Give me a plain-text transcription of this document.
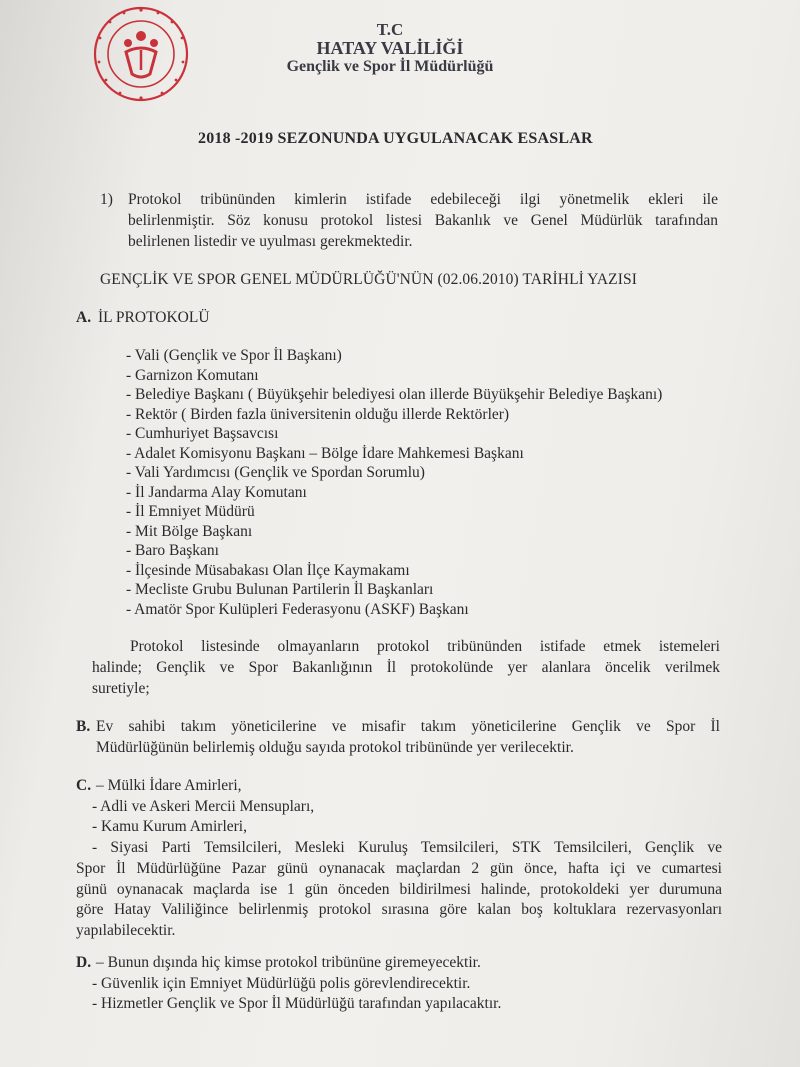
T.C
HATAY VALİLİĞİ
Gençlik ve Spor İl Müdürlüğü
2018 -2019 SEZONUNDA UYGULANACAK ESASLAR
1) Protokol tribününden kimlerin istifade edebileceği ilgi yönetmelik ekleri ile
belirlenmiştir. Söz konusu protokol listesi Bakanlık ve Genel Müdürlük tarafından
belirlenen listedir ve uyulması gerekmektedir.
GENÇLİK VE SPOR GENEL MÜDÜRLÜĞÜ'NÜN (02.06.2010) TARİHLİ YAZISI
A. İL PROTOKOLÜ
- Vali (Gençlik ve Spor İl Başkanı)
- Garnizon Komutanı
- Belediye Başkanı ( Büyükşehir belediyesi olan illerde Büyükşehir Belediye Başkanı)
- Rektör ( Birden fazla üniversitenin olduğu illerde Rektörler)
- Cumhuriyet Başsavcısı
- Adalet Komisyonu Başkanı – Bölge İdare Mahkemesi Başkanı
- Vali Yardımcısı (Gençlik ve Spordan Sorumlu)
- İl Jandarma Alay Komutanı
- İl Emniyet Müdürü
- Mit Bölge Başkanı
- Baro Başkanı
- İlçesinde Müsabakası Olan İlçe Kaymakamı
- Mecliste Grubu Bulunan Partilerin İl Başkanları
- Amatör Spor Kulüpleri Federasyonu (ASKF) Başkanı
Protokol listesinde olmayanların protokol tribününden istifade etmek istemeleri
halinde; Gençlik ve Spor Bakanlığının İl protokolünde yer alanlara öncelik verilmek
suretiyle;
B. Ev sahibi takım yöneticilerine ve misafir takım yöneticilerine Gençlik ve Spor İl
Müdürlüğünün belirlemiş olduğu sayıda protokol tribününde yer verilecektir.
C. – Mülki İdare Amirleri,
- Adli ve Askeri Mercii Mensupları,
- Kamu Kurum Amirleri,
- Siyasi Parti Temsilcileri, Mesleki Kuruluş Temsilcileri, STK Temsilcileri, Gençlik ve
Spor İl Müdürlüğüne Pazar günü oynanacak maçlardan 2 gün önce, hafta içi ve cumartesi
günü oynanacak maçlarda ise 1 gün önceden bildirilmesi halinde, protokoldeki yer durumuna
göre Hatay Valiliğince belirlenmiş protokol sırasına göre kalan boş koltuklara rezervasyonları
yapılabilecektir.
D. – Bunun dışında hiç kimse protokol tribününe giremeyecektir.
- Güvenlik için Emniyet Müdürlüğü polis görevlendirecektir.
- Hizmetler Gençlik ve Spor İl Müdürlüğü tarafından yapılacaktır.
